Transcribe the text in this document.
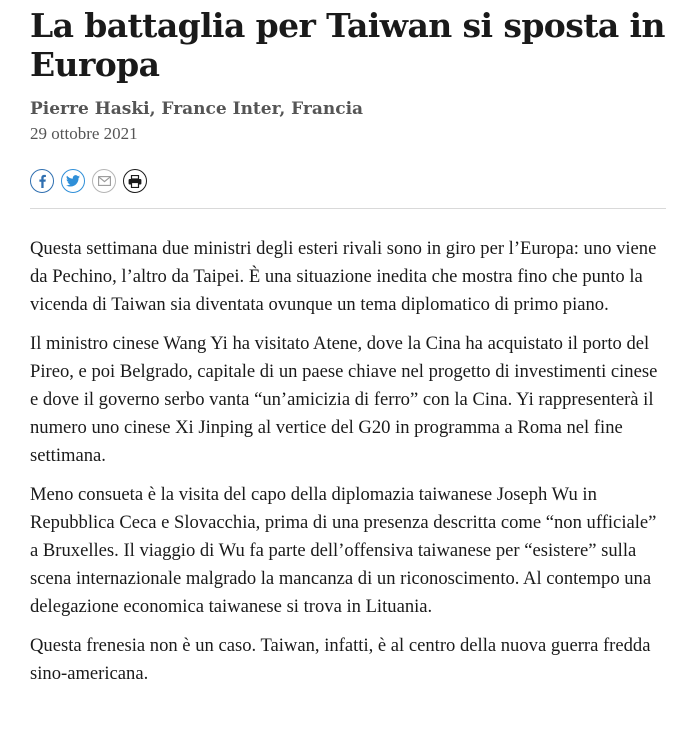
La battaglia per Taiwan si sposta in Europa
Pierre Haski, France Inter, Francia
29 ottobre 2021

Questa settimana due ministri degli esteri rivali sono in giro per l’Europa: uno viene da Pechino, l’altro da Taipei. È una situazione inedita che mostra fino che punto la vicenda di Taiwan sia diventata ovunque un tema diplomatico di primo piano.

Il ministro cinese Wang Yi ha visitato Atene, dove la Cina ha acquistato il porto del Pireo, e poi Belgrado, capitale di un paese chiave nel progetto di investimenti cinese e dove il governo serbo vanta “un’amicizia di ferro” con la Cina. Yi rappresenterà il numero uno cinese Xi Jinping al vertice del G20 in programma a Roma nel fine settimana.

Meno consueta è la visita del capo della diplomazia taiwanese Joseph Wu in Repubblica Ceca e Slovacchia, prima di una presenza descritta come “non ufficiale” a Bruxelles. Il viaggio di Wu fa parte dell’offensiva taiwanese per “esistere” sulla scena internazionale malgrado la mancanza di un riconoscimento. Al contempo una delegazione economica taiwanese si trova in Lituania.

Questa frenesia non è un caso. Taiwan, infatti, è al centro della nuova guerra fredda sino-americana.
